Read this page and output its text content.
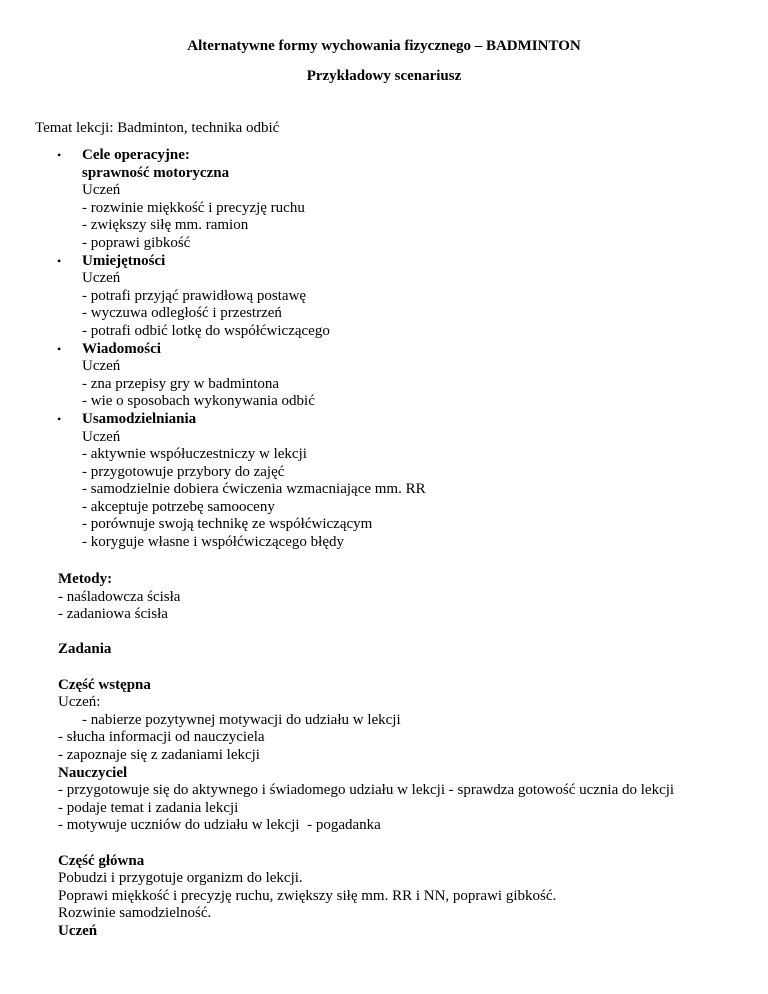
Alternatywne formy wychowania fizycznego – BADMINTON
Przykładowy scenariusz
Temat lekcji: Badminton, technika odbić
• Cele operacyjne:
sprawność motoryczna
Uczeń
- rozwinie miękkość i precyzję ruchu
- zwiększy siłę mm. ramion
- poprawi gibkość
• Umiejętności
Uczeń
- potrafi przyjąć prawidłową postawę
- wyczuwa odległość i przestrzeń
- potrafi odbić lotkę do współćwiczącego
• Wiadomości
Uczeń
- zna przepisy gry w badmintona
- wie o sposobach wykonywania odbić
• Usamodzielniania
Uczeń
- aktywnie współuczestniczy w lekcji
- przygotowuje przybory do zajęć
- samodzielnie dobiera ćwiczenia wzmacniające mm. RR
- akceptuje potrzebę samooceny
- porównuje swoją technikę ze współćwiczącym
- koryguje własne i współćwiczącego błędy
Metody:
- naśladowcza ścisła
- zadaniowa ścisła
Zadania
Część wstępna
Uczeń:
- nabierze pozytywnej motywacji do udziału w lekcji
- słucha informacji od nauczyciela
- zapoznaje się z zadaniami lekcji
Nauczyciel
- przygotowuje się do aktywnego i świadomego udziału w lekcji - sprawdza gotowość ucznia do lekcji
- podaje temat i zadania lekcji
- motywuje uczniów do udziału w lekcji  - pogadanka
Część główna
Pobudzi i przygotuje organizm do lekcji.
Poprawi miękkość i precyzję ruchu, zwiększy siłę mm. RR i NN, poprawi gibkość.
Rozwinie samodzielność.
Uczeń
